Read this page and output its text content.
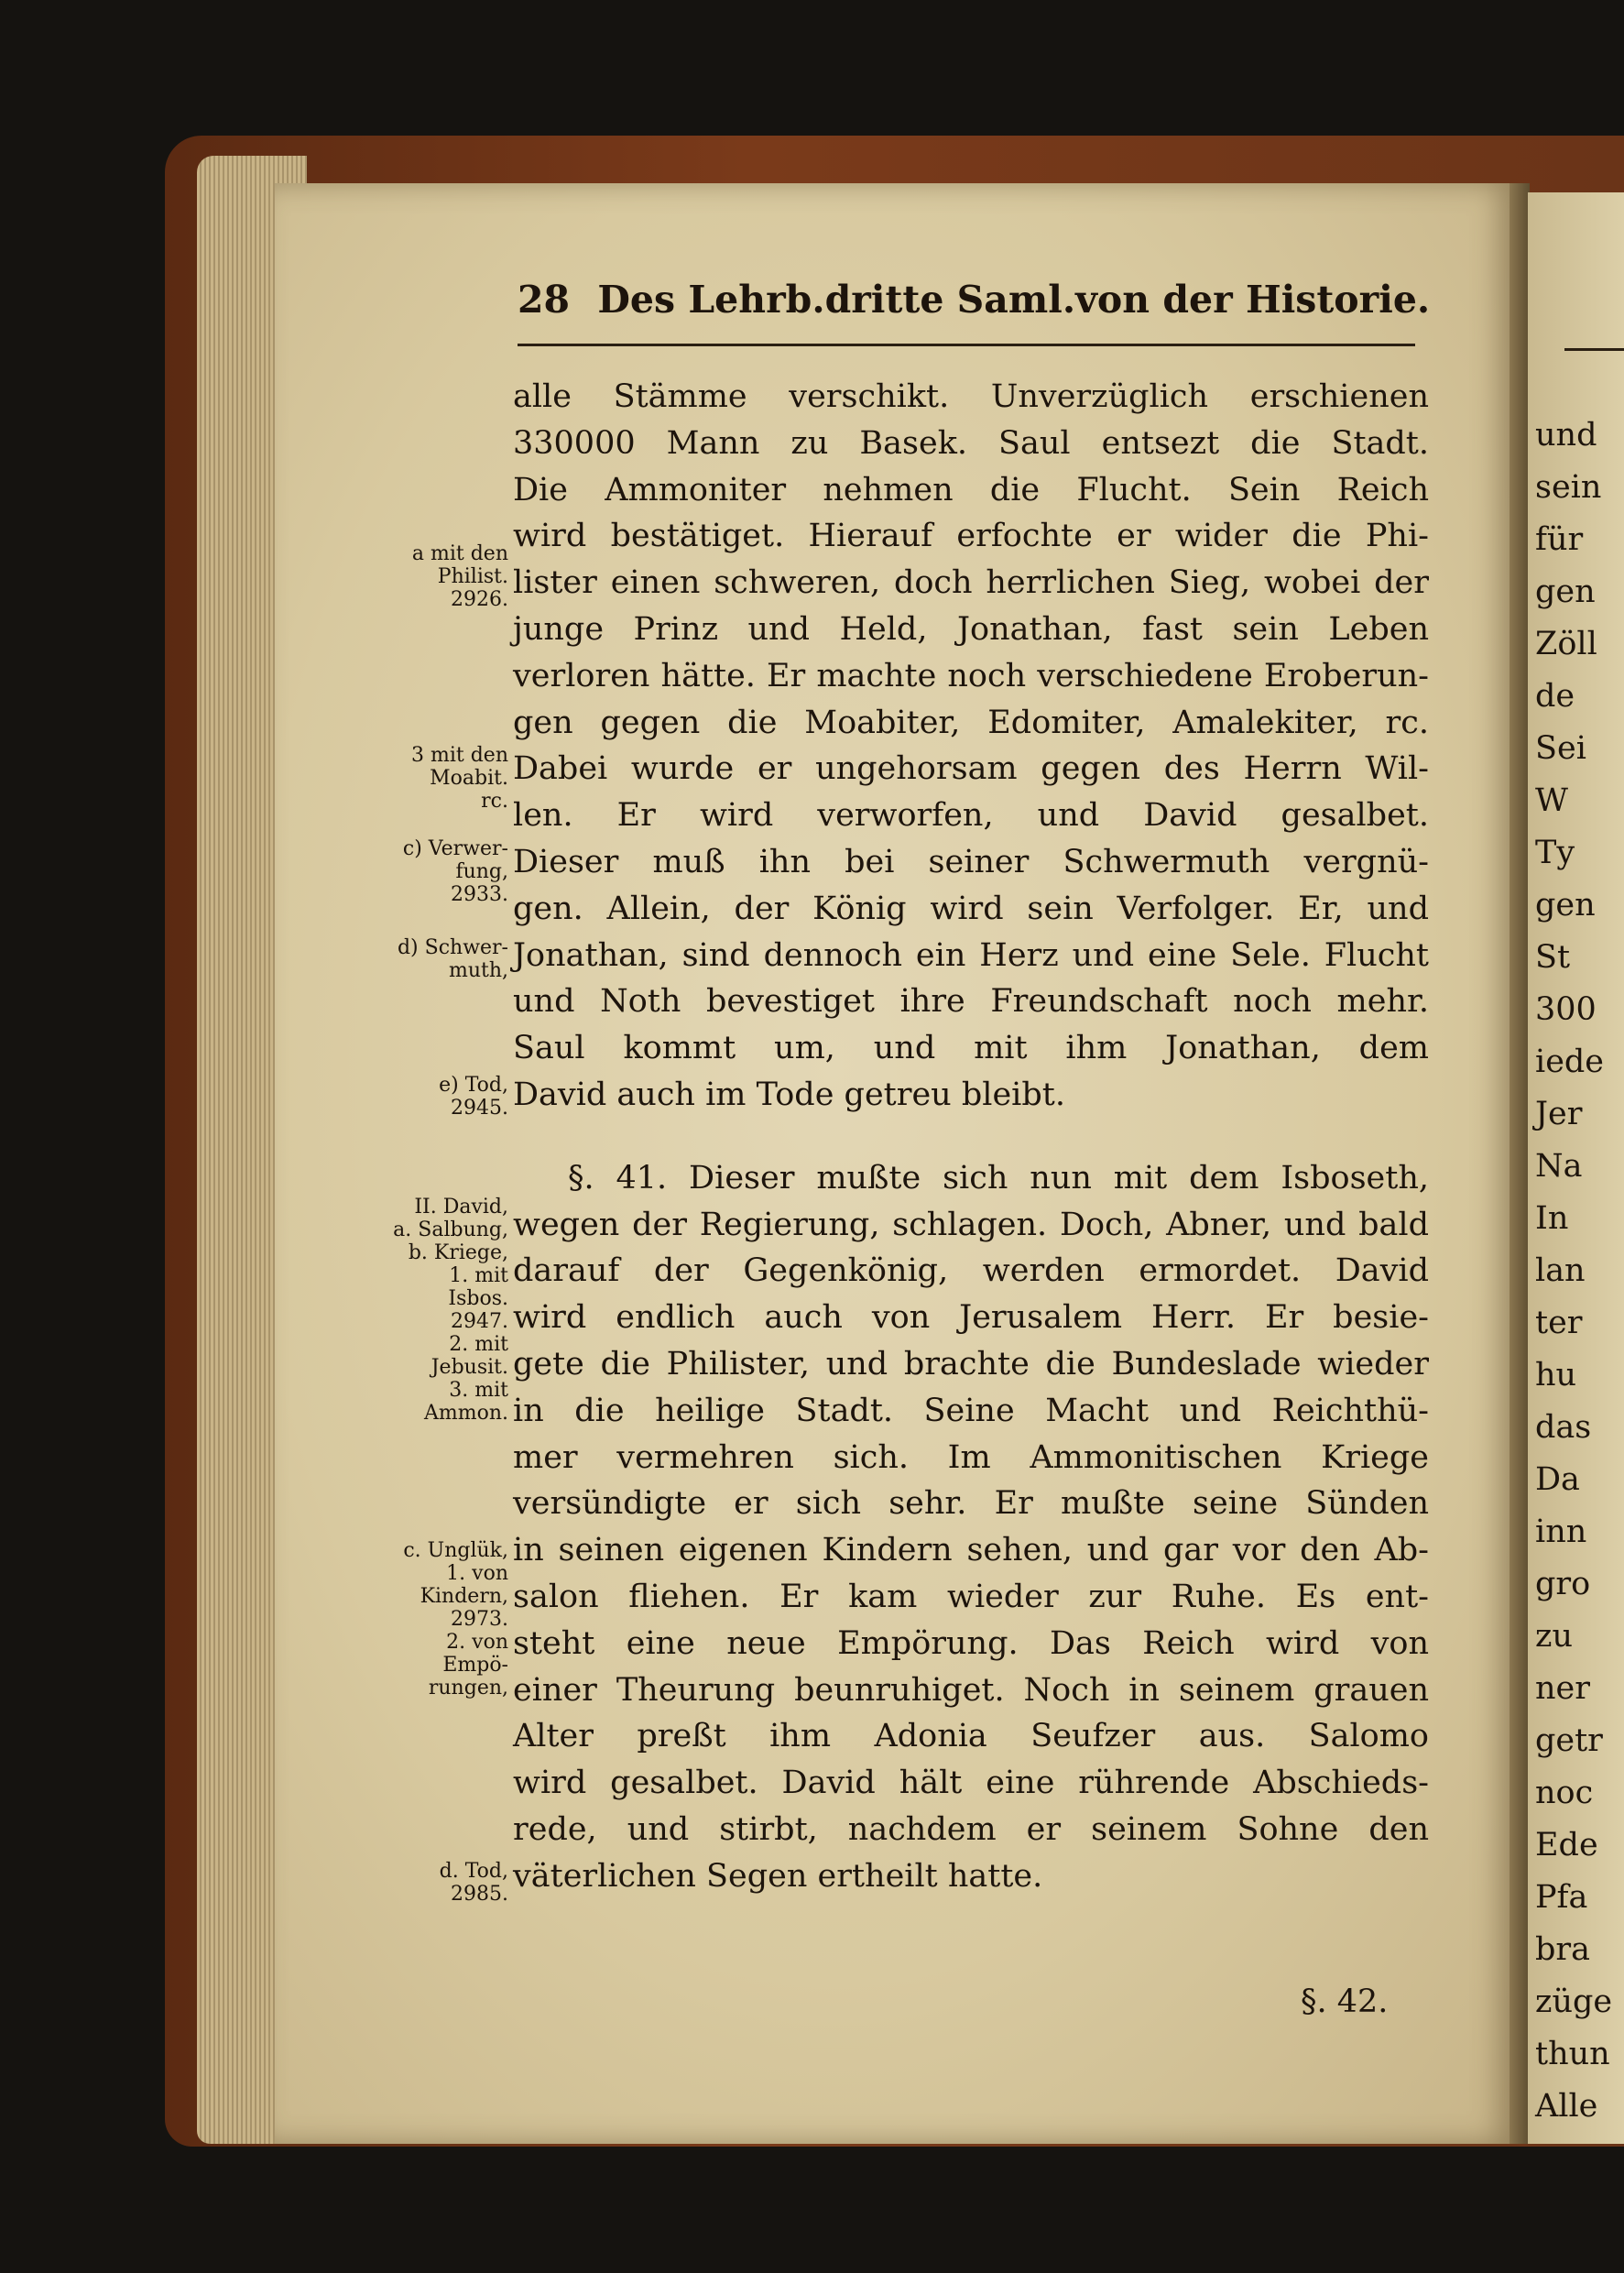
und
sein
für
gen
Zöll
de
Sei
W
Ty
gen
St
300
iede
Jer
Na
In
lan
ter
hu
das
Da
inn
gro
zu
ner
getr
noc
Ede
Pfa
bra
züge
thun
Alle
28 Des Lehrb.dritte Saml.von der Historie.
alle Stämme verschikt. Unverzüglich erschienen
330000 Mann zu Basek. Saul entsezt die Stadt.
Die Ammoniter nehmen die Flucht. Sein Reich
wird bestätiget. Hierauf erfochte er wider die Phi-
lister einen schweren, doch herrlichen Sieg, wobei der
junge Prinz und Held, Jonathan, fast sein Leben
verloren hätte. Er machte noch verschiedene Eroberun-
gen gegen die Moabiter, Edomiter, Amalekiter, rc.
Dabei wurde er ungehorsam gegen des Herrn Wil-
len. Er wird verworfen, und David gesalbet.
Dieser muß ihn bei seiner Schwermuth vergnü-
gen. Allein, der König wird sein Verfolger. Er, und
Jonathan, sind dennoch ein Herz und eine Sele. Flucht
und Noth bevestiget ihre Freundschaft noch mehr.
Saul kommt um, und mit ihm Jonathan, dem
David auch im Tode getreu bleibt.
§. 41. Dieser mußte sich nun mit dem Isboseth,
wegen der Regierung, schlagen. Doch, Abner, und bald
darauf der Gegenkönig, werden ermordet. David
wird endlich auch von Jerusalem Herr. Er besie-
gete die Philister, und brachte die Bundeslade wieder
in die heilige Stadt. Seine Macht und Reichthü-
mer vermehren sich. Im Ammonitischen Kriege
versündigte er sich sehr. Er mußte seine Sünden
in seinen eigenen Kindern sehen, und gar vor den Ab-
salon fliehen. Er kam wieder zur Ruhe. Es ent-
steht eine neue Empörung. Das Reich wird von
einer Theurung beunruhiget. Noch in seinem grauen
Alter preßt ihm Adonia Seufzer aus. Salomo
wird gesalbet. David hält eine rührende Abschieds-
rede, und stirbt, nachdem er seinem Sohne den
väterlichen Segen ertheilt hatte.
§. 42.
a mit den
Philist.
2926.
3 mit den
Moabit.
rc.
c) Verwer-
fung,
2933.
d) Schwer-
muth,
e) Tod,
2945.
II. David,
a. Salbung,
b. Kriege,
1. mit
Isbos.
2947.
2. mit
Jebusit.
3. mit
Ammon.
c. Unglük,
1. von
Kindern,
2973.
2. von
Empö-
rungen,
d. Tod,
2985.
